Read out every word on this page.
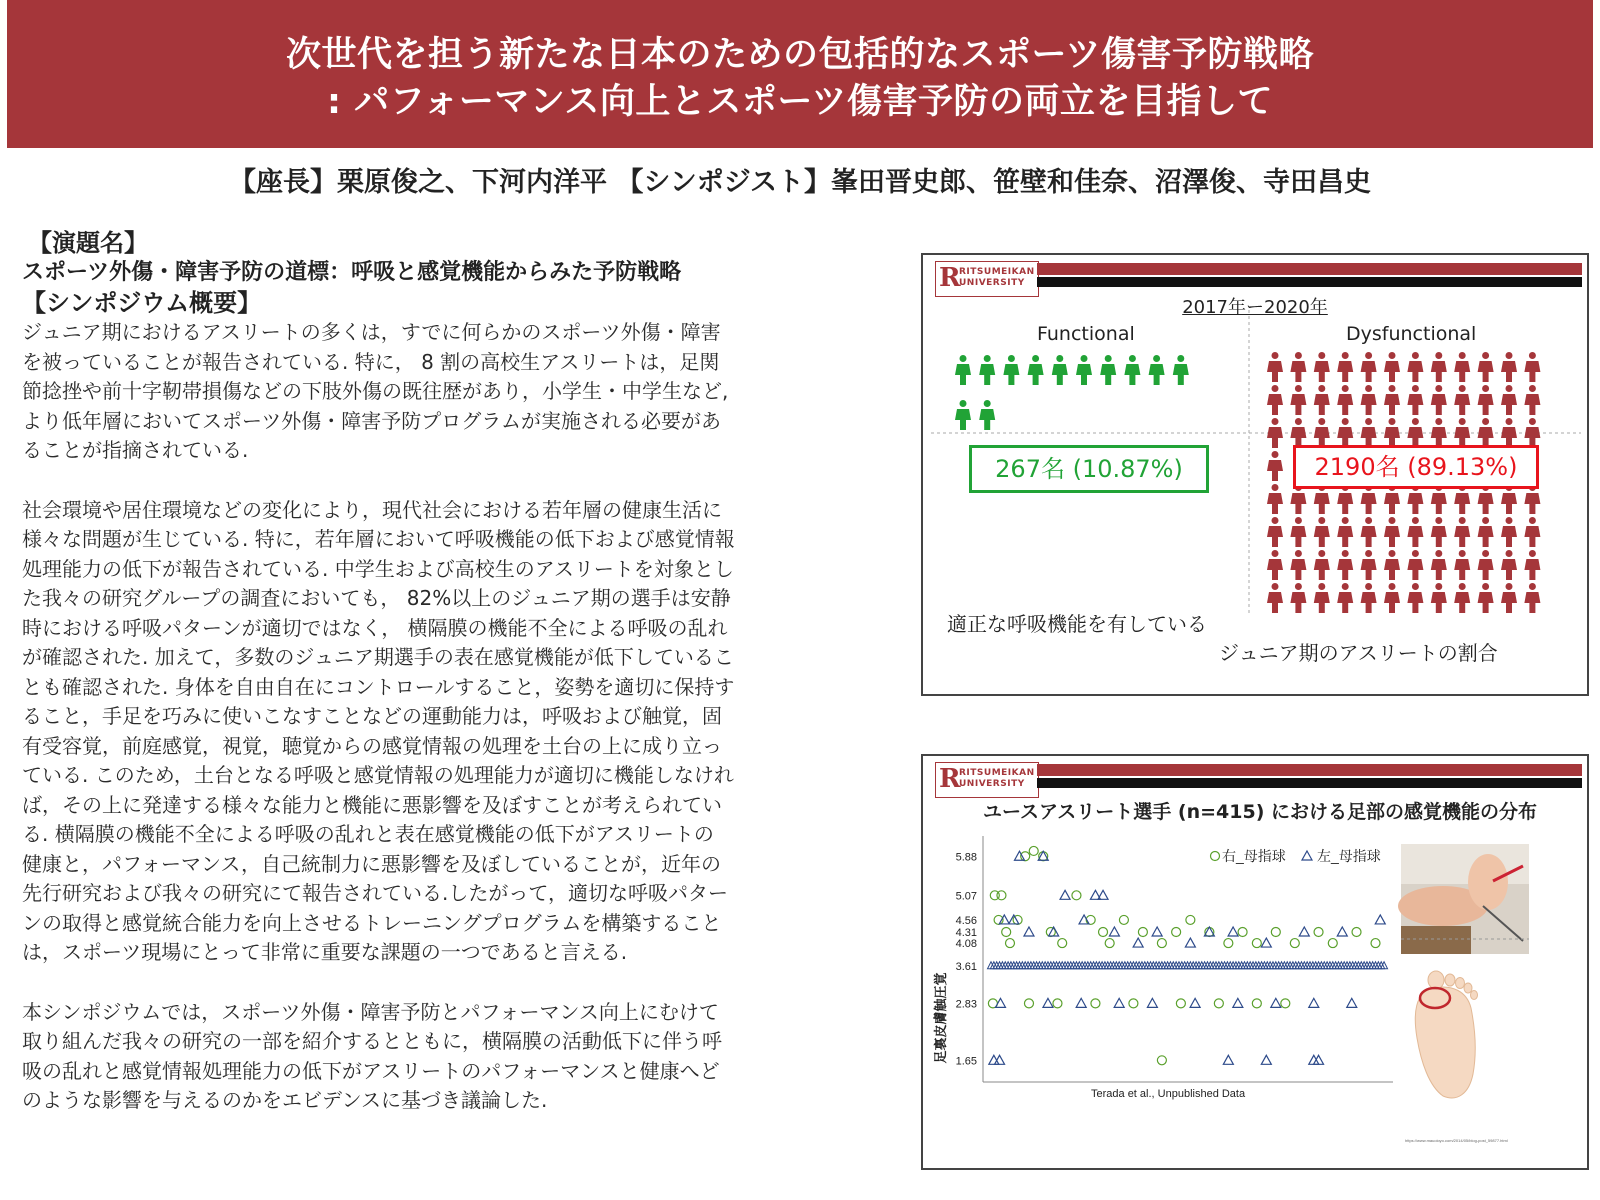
次世代を担う新たな日本のための包括的なスポーツ傷害予防戦略
: パフォーマンス向上とスポーツ傷害予防の両立を目指して
【座長】栗原俊之、下河内洋平 【シンポジスト】峯田晋史郎、笹壁和佳奈、沼澤俊、寺田昌史
【演題名】
スポーツ外傷・障害予防の道標：呼吸と感覚機能からみた予防戦略
【シンポジウム概要】
ジュニア期におけるアスリートの多くは，すでに何らかのスポーツ外傷・障害
を被っていることが報告されている. 特に， 8 割の高校生アスリートは，足関
節捻挫や前十字靭帯損傷などの下肢外傷の既往歴があり，小学生・中学生など,
より低年層においてスポーツ外傷・障害予防プログラムが実施される必要があ
ることが指摘されている.
社会環境や居住環境などの変化により，現代社会における若年層の健康生活に
様々な問題が生じている. 特に，若年層において呼吸機能の低下および感覚情報
処理能力の低下が報告されている. 中学生および高校生のアスリートを対象とし
た我々の研究グループの調査においても， 82%以上のジュニア期の選手は安静
時における呼吸パターンが適切ではなく， 横隔膜の機能不全による呼吸の乱れ
が確認された. 加えて，多数のジュニア期選手の表在感覚機能が低下しているこ
とも確認された. 身体を自由自在にコントロールすること，姿勢を適切に保持す
ること，手足を巧みに使いこなすことなどの運動能力は，呼吸および触覚，固
有受容覚，前庭感覚，視覚，聴覚からの感覚情報の処理を土台の上に成り立っ
ている. このため，土台となる呼吸と感覚情報の処理能力が適切に機能しなけれ
ば，その上に発達する様々な能力と機能に悪影響を及ぼすことが考えられてい
る. 横隔膜の機能不全による呼吸の乱れと表在感覚機能の低下がアスリートの
健康と，パフォーマンス，自己統制力に悪影響を及ぼしていることが，近年の
先行研究および我々の研究にて報告されている.したがって，適切な呼吸パター
ンの取得と感覚統合能力を向上させるトレーニングプログラムを構築すること
は，スポーツ現場にとって非常に重要な課題の一つであると言える.
本シンポジウムでは，スポーツ外傷・障害予防とパフォーマンス向上にむけて
取り組んだ我々の研究の一部を紹介するとともに，横隔膜の活動低下に伴う呼
吸の乱れと感覚情報処理能力の低下がアスリートのパフォーマンスと健康へど
のような影響を与えるのかをエビデンスに基づき議論した.
R
RITSUMEIKAN
UNIVERSITY
2017年ー2020年
Functional	Dysfunctional
267名 (10.87%)	2190名 (89.13%)
適正な呼吸機能を有している
ジュニア期のアスリートの割合
R
RITSUMEIKAN
UNIVERSITY
ユースアスリート選手 (n=415) における足部の感覚機能の分布
足裏皮膚触圧覚
右_母指球 左_母指球
Terada et al., Unpublished Data
https://www.mauoioyo.com/2014/05/blog-post_59877.html
1.65
2.83
3.61
4.08
4.31
4.56
5.07
5.88
